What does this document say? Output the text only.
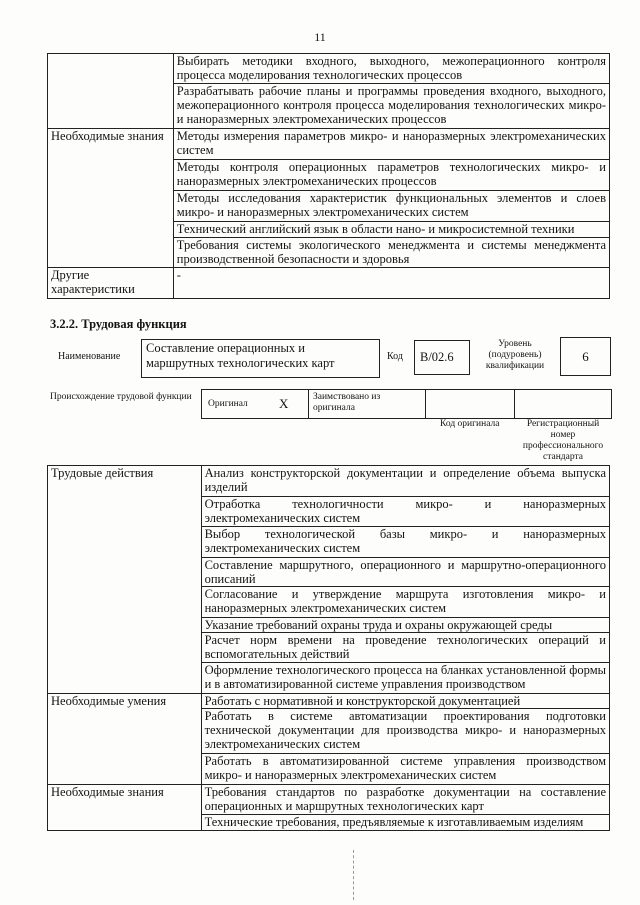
11
	Выбирать методики входного, выходного, межоперационного контроля процесса моделирования технологических процессов
	Разрабатывать рабочие планы и программы проведения входного, выходного, межоперационного контроля процесса моделирования технологических микро- и наноразмерных электромеханических процессов
Необходимые знания	Методы измерения параметров микро- и наноразмерных электромеханических систем
	Методы контроля операционных параметров технологических микро- и наноразмерных электромеханических процессов
	Методы исследования характеристик функциональных элементов и слоев микро- и наноразмерных электромеханических систем
	Технический английский язык в области нано- и микросистемной техники
	Требования системы экологического менеджмента и системы менеджмента производственной безопасности и здоровья
Другие характеристики	-
3.2.2. Трудовая функция
Наименование
Составление операционных и маршрутных технологических карт	Код	B/02.6
Уровень (подуровень) квалификации
6
Происхождение трудовой функции
Оригинал X	Заимствовано из оригинала
Код оригинала	Регистрационный номер профессионального стандарта
Трудовые действия	Анализ конструкторской документации и определение объема выпуска изделий
	Отработка технологичности микро- и наноразмерных электромеханических систем
	Выбор технологической базы микро- и наноразмерных электромеханических систем
	Составление маршрутного, операционного и маршрутно-операционного описаний
	Согласование и утверждение маршрута изготовления микро- и наноразмерных электромеханических систем
	Указание требований охраны труда и охраны окружающей среды
	Расчет норм времени на проведение технологических операций и вспомогательных действий
	Оформление технологического процесса на бланках установленной формы и в автоматизированной системе управления производством
Необходимые умения	Работать с нормативной и конструкторской документацией
	Работать в системе автоматизации проектирования подготовки технической документации для производства микро- и наноразмерных электромеханических систем
	Работать в автоматизированной системе управления производством микро- и наноразмерных электромеханических систем
Необходимые знания	Требования стандартов по разработке документации на составление операционных и маршрутных технологических карт
	Технические требования, предъявляемые к изготавливаемым изделиям
